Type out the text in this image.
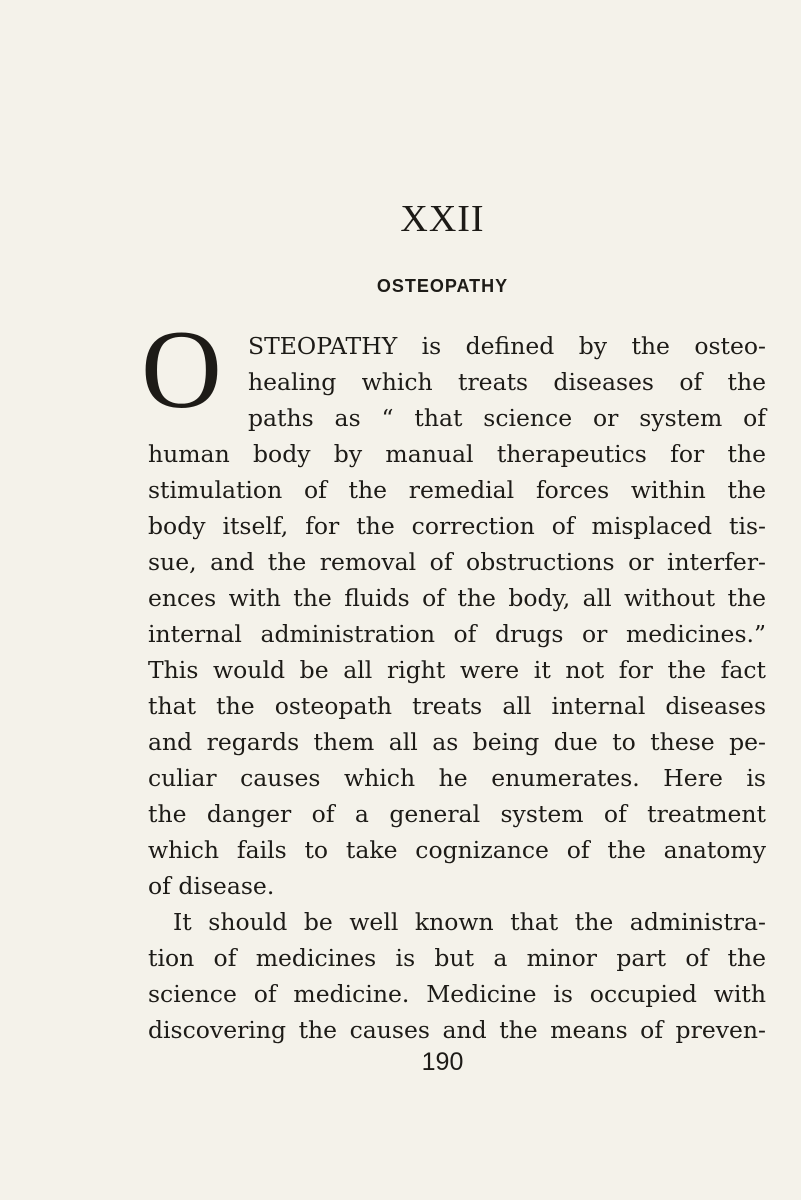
XXII
OSTEOPATHY
O STEOPATHY is defined by the osteo-
healing which treats diseases of the
paths as “ that science or system of
human body by manual therapeutics for the
stimulation of the remedial forces within the
body itself, for the correction of misplaced tis-
sue, and the removal of obstructions or interfer-
ences with the fluids of the body, all without the
internal administration of drugs or medicines.”
This would be all right were it not for the fact
that the osteopath treats all internal diseases
and regards them all as being due to these pe-
culiar causes which he enumerates. Here is
the danger of a general system of treatment
which fails to take cognizance of the anatomy
of disease.
It should be well known that the administra-
tion of medicines is but a minor part of the
science of medicine. Medicine is occupied with
discovering the causes and the means of preven-
190
